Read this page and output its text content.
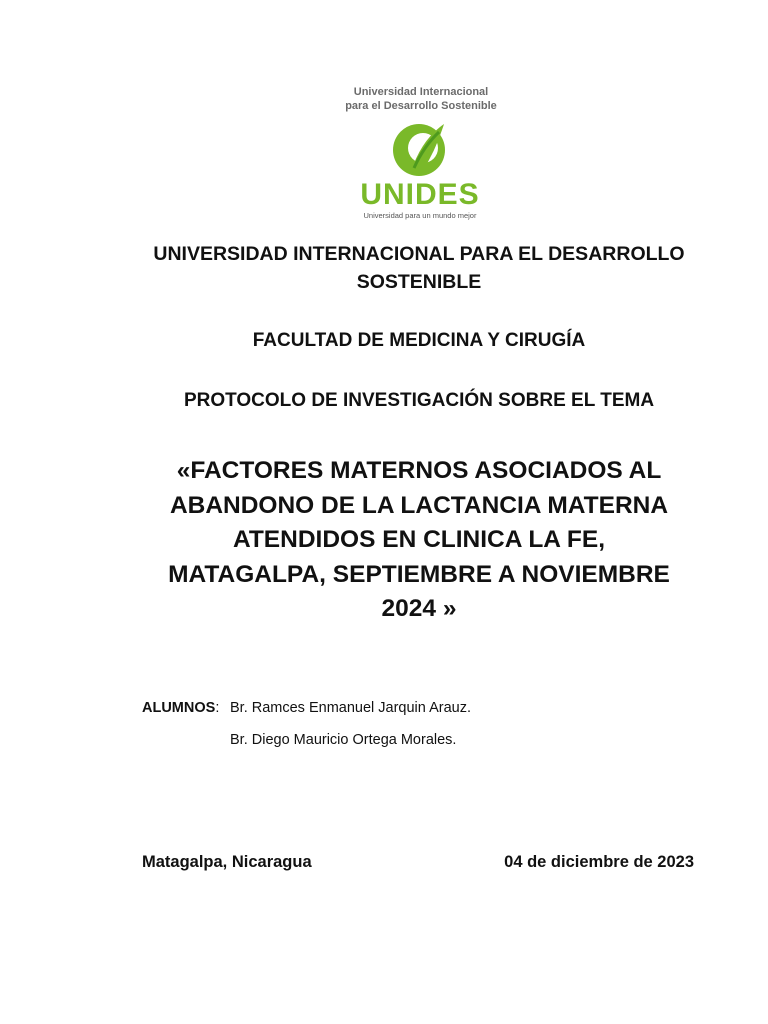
Universidad Internacional
para el Desarrollo Sostenible
UNIDES
Universidad para un mundo mejor
UNIVERSIDAD INTERNACIONAL PARA EL DESARROLLO
SOSTENIBLE
FACULTAD DE MEDICINA Y CIRUGÍA
PROTOCOLO DE INVESTIGACIÓN SOBRE EL TEMA
«FACTORES MATERNOS ASOCIADOS AL
ABANDONO DE LA LACTANCIA MATERNA
ATENDIDOS EN CLINICA LA FE,
MATAGALPA, SEPTIEMBRE A NOVIEMBRE
2024 »
ALUMNOS: Br. Ramces Enmanuel Jarquin Arauz.
Br. Diego Mauricio Ortega Morales.
Matagalpa, Nicaragua	04 de diciembre de 2023
